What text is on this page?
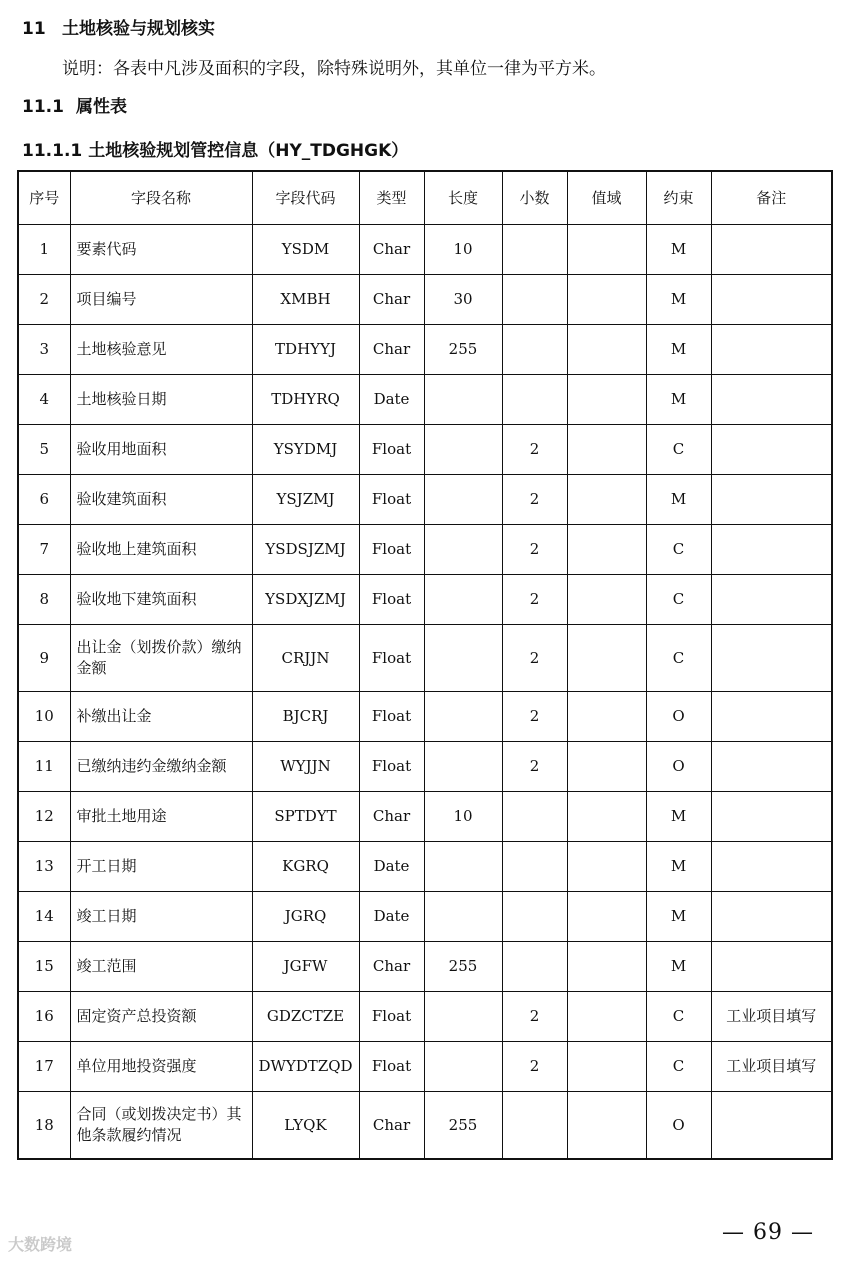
11 土地核验与规划核实
说明：各表中凡涉及面积的字段，除特殊说明外，其单位一律为平方米。
11.1 属性表
11.1.1 土地核验规划管控信息（HY_TDGHGK）
序号	字段名称	字段代码	类型	长度	小数	值域	约束	备注
1	要素代码	YSDM	Char	10			M	
2	项目编号	XMBH	Char	30			M	
3	土地核验意见	TDHYYJ	Char	255			M	
4	土地核验日期	TDHYRQ	Date				M	
5	验收用地面积	YSYDMJ	Float		2		C	
6	验收建筑面积	YSJZMJ	Float		2		M	
7	验收地上建筑面积	YSDSJZMJ	Float		2		C	
8	验收地下建筑面积	YSDXJZMJ	Float		2		C	
9	出让金（划拨价款）缴纳金额	CRJJN	Float		2		C	
10	补缴出让金	BJCRJ	Float		2		O	
11	已缴纳违约金缴纳金额	WYJJN	Float		2		O	
12	审批土地用途	SPTDYT	Char	10			M	
13	开工日期	KGRQ	Date				M	
14	竣工日期	JGRQ	Date				M	
15	竣工范围	JGFW	Char	255			M	
16	固定资产总投资额	GDZCTZE	Float		2		C	工业项目填写
17	单位用地投资强度	DWYDTZQD	Float		2		C	工业项目填写
18	合同（或划拨决定书）其他条款履约情况	LYQK	Char	255			O	
— 69 —
大数跨境
